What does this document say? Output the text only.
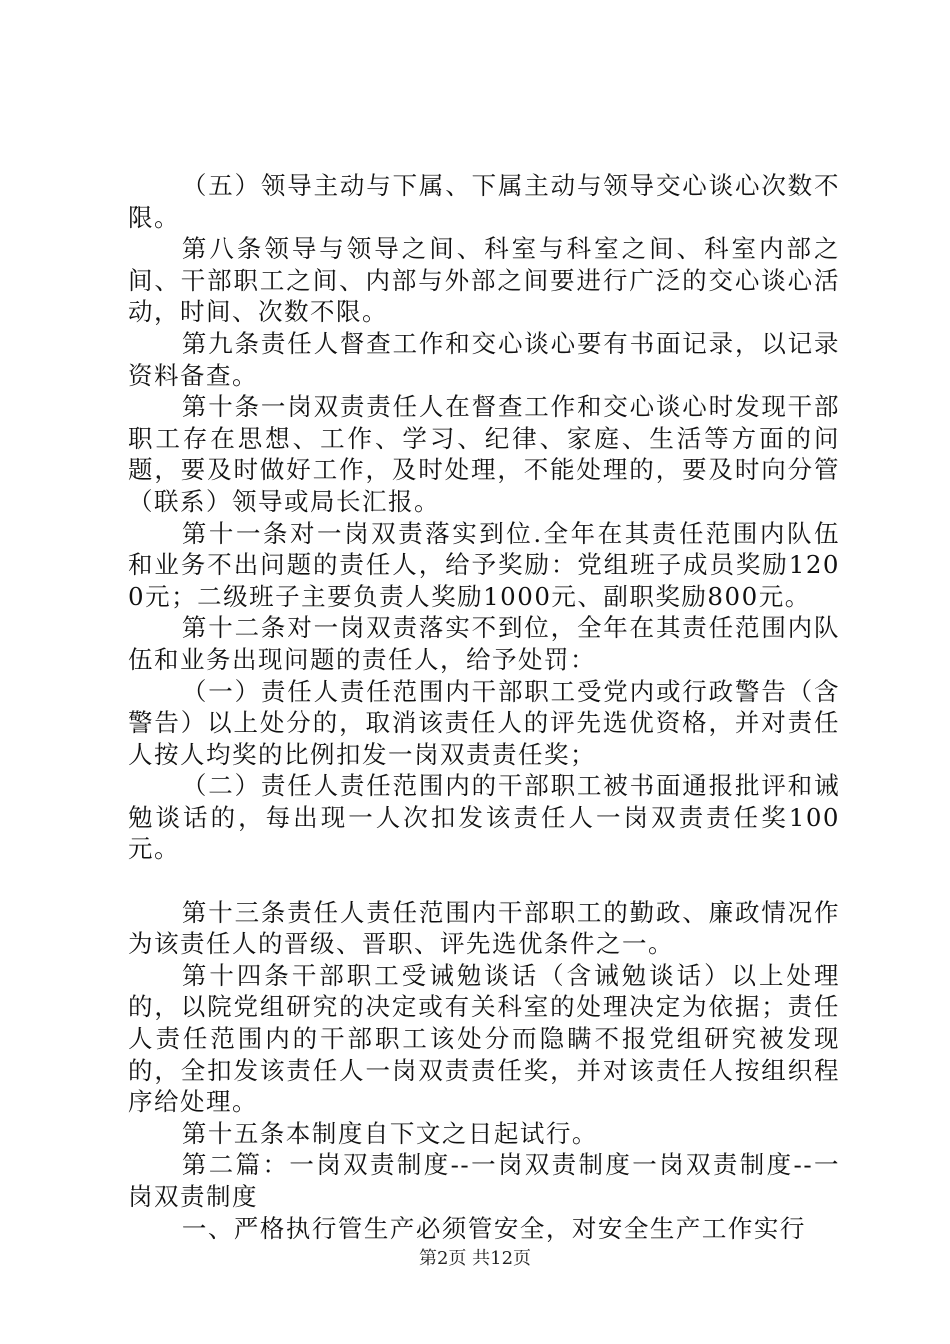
（五）领导主动与下属、下属主动与领导交心谈心次数不限。

第八条领导与领导之间、科室与科室之间、科室内部之间、干部职工之间、内部与外部之间要进行广泛的交心谈心活动，时间、次数不限。

第九条责任人督查工作和交心谈心要有书面记录，以记录资料备查。

第十条一岗双责责任人在督查工作和交心谈心时发现干部职工存在思想、工作、学习、纪律、家庭、生活等方面的问题，要及时做好工作，及时处理，不能处理的，要及时向分管（联系）领导或局长汇报。

第十一条对一岗双责落实到位.全年在其责任范围内队伍和业务不出问题的责任人，给予奖励：党组班子成员奖励1200元；二级班子主要负责人奖励1000元、副职奖励800元。

第十二条对一岗双责落实不到位，全年在其责任范围内队伍和业务出现问题的责任人，给予处罚：

（一）责任人责任范围内干部职工受党内或行政警告（含警告）以上处分的，取消该责任人的评先选优资格，并对责任人按人均奖的比例扣发一岗双责责任奖；

（二）责任人责任范围内的干部职工被书面通报批评和诫勉谈话的，每出现一人次扣发该责任人一岗双责责任奖100元。

第十三条责任人责任范围内干部职工的勤政、廉政情况作为该责任人的晋级、晋职、评先选优条件之一。

第十四条干部职工受诫勉谈话（含诫勉谈话）以上处理的，以院党组研究的决定或有关科室的处理决定为依据；责任人责任范围内的干部职工该处分而隐瞒不报党组研究被发现的，全扣发该责任人一岗双责责任奖，并对该责任人按组织程序给处理。

第十五条本制度自下文之日起试行。

第二篇：一岗双责制度--一岗双责制度一岗双责制度--一岗双责制度

一、严格执行管生产必须管安全，对安全生产工作实行

第2页 共12页
